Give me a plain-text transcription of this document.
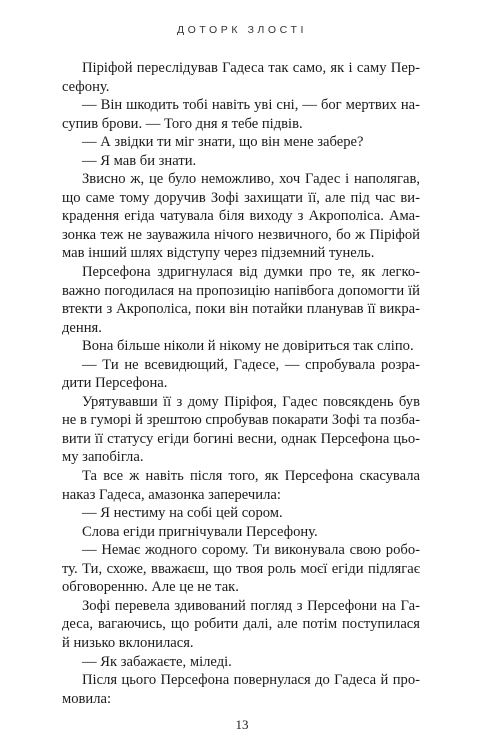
ДОТОРК ЗЛОСТІ

Піріфой переслідував Гадеса так само, як і саму Персефону.

— Він шкодить тобі навіть уві сні, — бог мертвих насупив брови. — Того дня я тебе підвів.

— А звідки ти міг знати, що він мене забере?

— Я мав би знати.

Звисно ж, це було неможливо, хоч Гадес і наполягав, що саме тому доручив Зофі захищати її, але під час викрадення егіда чатувала біля виходу з Акрополіса. Амазонка теж не зауважила нічого незвичного, бо ж Піріфой мав інший шлях відступу через підземний тунель.

Персефона здригнулася від думки про те, як легковажно погодилася на пропозицію напівбога допомогти їй втекти з Акрополіса, поки він потайки планував її викрадення.

Вона більше ніколи й нікому не довіриться так сліпо.

— Ти не всевидющий, Гадесе, — спробувала розрадити Персефона.

Урятувавши її з дому Піріфоя, Гадес повсякдень був не в гуморі й зрештою спробував покарати Зофі та позбавити її статусу егіди богині весни, однак Персефона цьому запобігла.

Та все ж навіть після того, як Персефона скасувала наказ Гадеса, амазонка заперечила:

— Я нестиму на собі цей сором.

Слова егіди пригнічували Персефону.

— Немає жодного сорому. Ти виконувала свою роботу. Ти, схоже, вважаєш, що твоя роль моєї егіди підлягає обговоренню. Але це не так.

Зофі перевела здивований погляд з Персефони на Гадеса, вагаючись, що робити далі, але потім поступилася й низько вклонилася.

— Як забажаєте, міледі.

Після цього Персефона повернулася до Гадеса й промовила:

13
